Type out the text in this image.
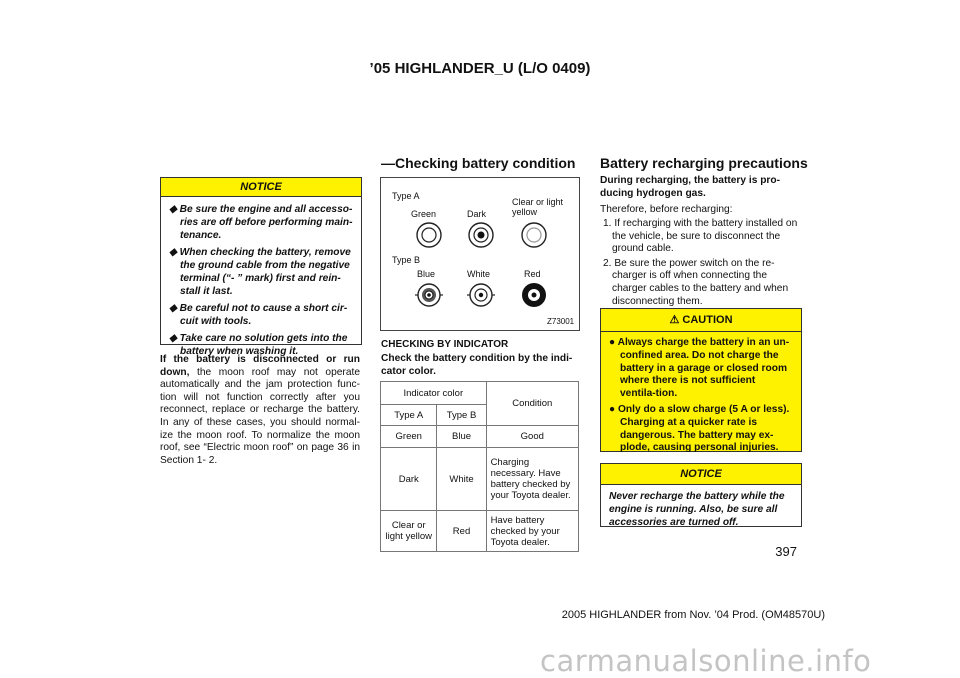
’05 HIGHLANDER_U (L/O 0409)
NOTICE
◆ Be sure the engine and all accesso-ries are off before performing main-tenance.
◆ When checking the battery, remove the ground cable from the negative terminal (“- ” mark) first and rein-stall it last.
◆ Be careful not to cause a short cir-cuit with tools.
◆ Take care no solution gets into the battery when washing it.
If the battery is disconnected or run down, the moon roof may not operate automatically and the jam protection func-tion will not function correctly after you reconnect, replace or recharge the battery. In any of these cases, you should normal-ize the moon roof. To normalize the moon roof, see “Electric moon roof” on page 36 in Section 1- 2.
—Checking battery condition
Type A
Green	Dark
Clear or light yellow
Type B
Blue	White	Red
Z73001
CHECKING BY INDICATOR
Check the battery condition by the indi-cator color.
Indicator color		Condition
Type A	Type B	
Green	Blue	Good
Dark	White	Charging necessary. Have battery checked by your Toyota dealer.
Clear or light yellow	Red	Have battery checked by your Toyota dealer.
Battery recharging precautions
During recharging, the battery is pro-ducing hydrogen gas.
Therefore, before recharging:
1. If recharging with the battery installed on the vehicle, be sure to disconnect the ground cable.
2. Be sure the power switch on the re-charger is off when connecting the charger cables to the battery and when disconnecting them.
⚠ CAUTION
● Always charge the battery in an un-confined area. Do not charge the battery in a garage or closed room where there is not sufficient ventila-tion.
● Only do a slow charge (5 A or less). Charging at a quicker rate is dangerous. The battery may ex-plode, causing personal injuries.
NOTICE
Never recharge the battery while the engine is running. Also, be sure all accessories are turned off.
397
2005 HIGHLANDER from Nov. ’04 Prod. (OM48570U)
carmanualsonline.info
